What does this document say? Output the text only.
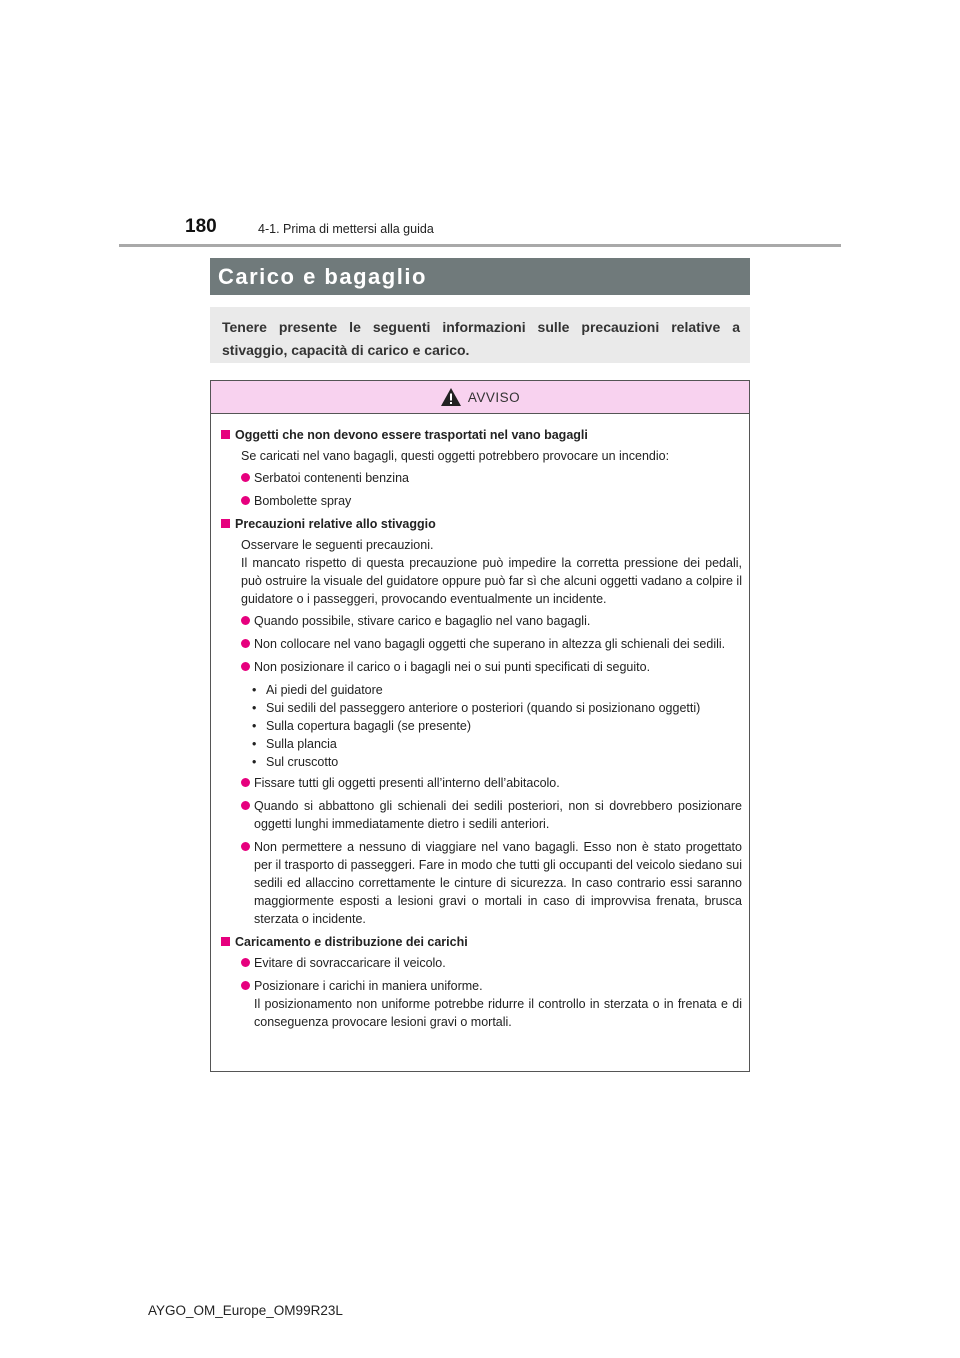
180	4-1. Prima di mettersi alla guida
Carico e bagaglio
Tenere presente le seguenti informazioni sulle precauzioni relative a stivaggio, capacità di carico e carico.
AVVISO
Oggetti che non devono essere trasportati nel vano bagagli
Se caricati nel vano bagagli, questi oggetti potrebbero provocare un incendio:
Serbatoi contenenti benzina
Bombolette spray
Precauzioni relative allo stivaggio
Osservare le seguenti precauzioni.
Il mancato rispetto di questa precauzione può impedire la corretta pressione dei pedali, può ostruire la visuale del guidatore oppure può far sì che alcuni oggetti vadano a colpire il guidatore o i passeggeri, provocando eventualmente un incidente.
Quando possibile, stivare carico e bagaglio nel vano bagagli.
Non collocare nel vano bagagli oggetti che superano in altezza gli schienali dei sedili.
Non posizionare il carico o i bagagli nei o sui punti specificati di seguito.
• Ai piedi del guidatore
• Sui sedili del passeggero anteriore o posteriori (quando si posizionano oggetti)
• Sulla copertura bagagli (se presente)
• Sulla plancia
• Sul cruscotto
Fissare tutti gli oggetti presenti all’interno dell’abitacolo.
Quando si abbattono gli schienali dei sedili posteriori, non si dovrebbero posizionare oggetti lunghi immediatamente dietro i sedili anteriori.
Non permettere a nessuno di viaggiare nel vano bagagli. Esso non è stato progettato per il trasporto di passeggeri. Fare in modo che tutti gli occupanti del veicolo siedano sui sedili ed allaccino correttamente le cinture di sicurezza. In caso contrario essi saranno maggiormente esposti a lesioni gravi o mortali in caso di improvvisa frenata, brusca sterzata o incidente.
Caricamento e distribuzione dei carichi
Evitare di sovraccaricare il veicolo.
Posizionare i carichi in maniera uniforme.
Il posizionamento non uniforme potrebbe ridurre il controllo in sterzata o in frenata e di conseguenza provocare lesioni gravi o mortali.
AYGO_OM_Europe_OM99R23L
